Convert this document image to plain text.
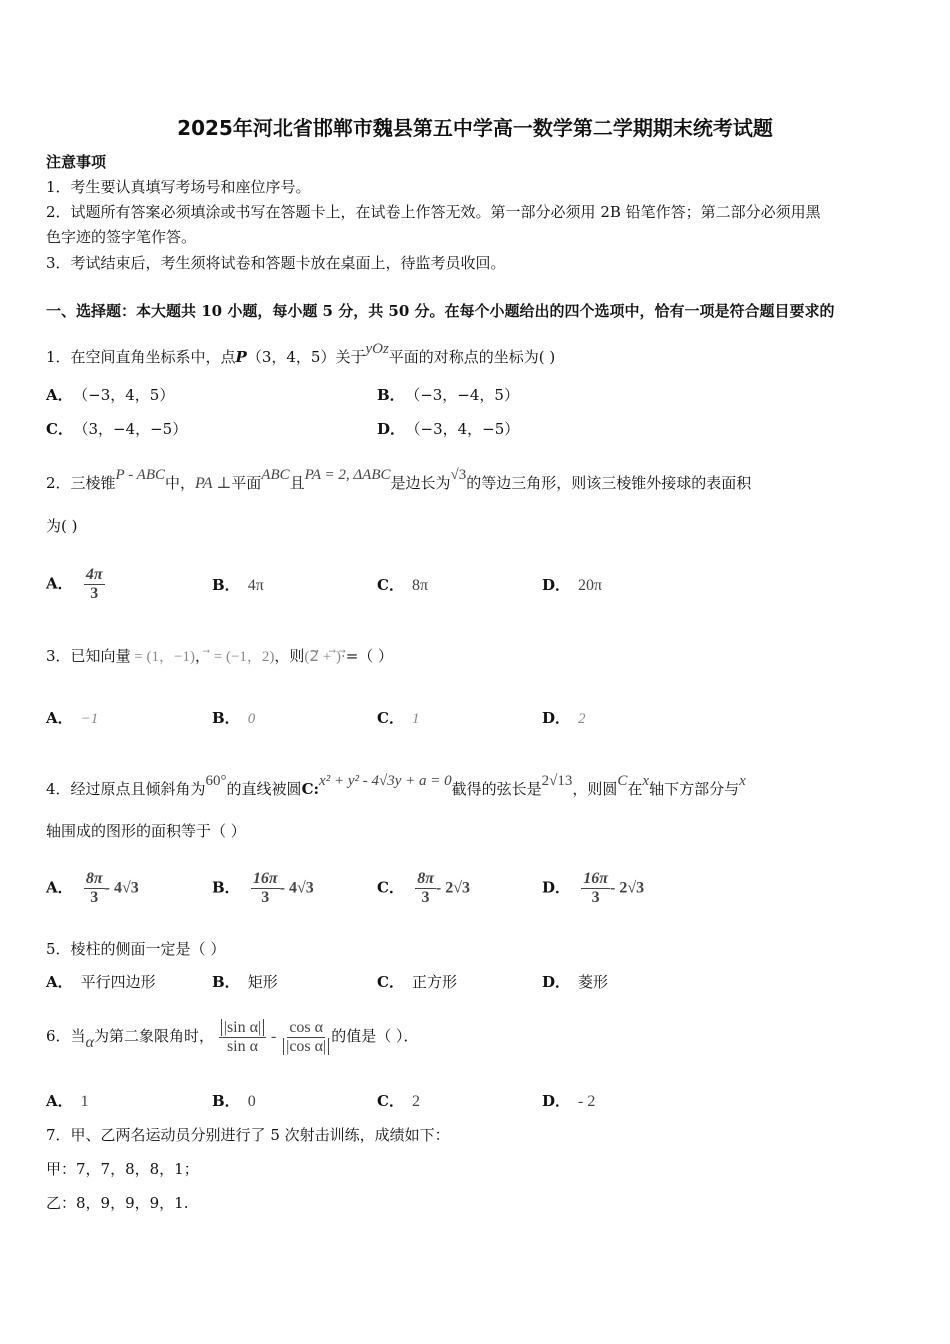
2025年河北省邯郸市魏县第五中学高一数学第二学期期末统考试题
注意事项
1．考生要认真填写考场号和座位序号。
2．试题所有答案必须填涂或书写在答题卡上，在试卷上作答无效。第一部分必须用 2B 铅笔作答；第二部分必须用黑
色字迹的签字笔作答。
3．考试结束后，考生须将试卷和答题卡放在桌面上，待监考员收回。
一、选择题：本大题共 10 小题，每小题 5 分，共 50 分。在每个小题给出的四个选项中，恰有一项是符合题目要求的
1．在空间直角坐标系中，点P（3，4，5）关于yOz平面的对称点的坐标为( )
A． （−3，4，5）	B． （−3，−4，5）
C． （3，−4，−5）	D． （−3，4，−5）
2．三棱锥P - ABC中，PA ⊥平面ABC且PA = 2, ΔABC是边长为√3的等边三角形，则该三棱锥外接球的表面积
为( )
A． $\frac{4\pi}{3}$	B． 4π	C． 8π	D． 20π
3．已知向量⃗ = (1，−1)，⃗ = (−1，2)，则(2⃗ + ⃗)·⃗=（ ）
A． −1	B． 0	C． 1	D． 2
4．经过原点且倾斜角为60°的直线被圆C:x² + y² - 4√3y + a = 0截得的弦长是2√13，则圆C在x轴下方部分与x
轴围成的图形的面积等于（ ）
A． $\frac{8\pi}{3} - 4√3$	B． $\frac{16\pi}{3} - 4√3$	C． $\frac{8\pi}{3} - 2√3$	D． $\frac{16\pi}{3} - 2√3$
5．棱柱的侧面一定是（ ）
A． 平行四边形	B． 矩形	C． 正方形	D． 菱形
6．当α为第二象限角时， $\frac{\text{|sin α|}}{\text{sin α}} - \frac{\text{cos α}}{\text{|cos α|}}$ 的值是（ ）．
A． 1	B． 0	C． 2	D． - 2
7．甲、乙两名运动员分别进行了 5 次射击训练，成绩如下：
甲：7，7，8，8，1；
乙：8，9，9，9，1.
